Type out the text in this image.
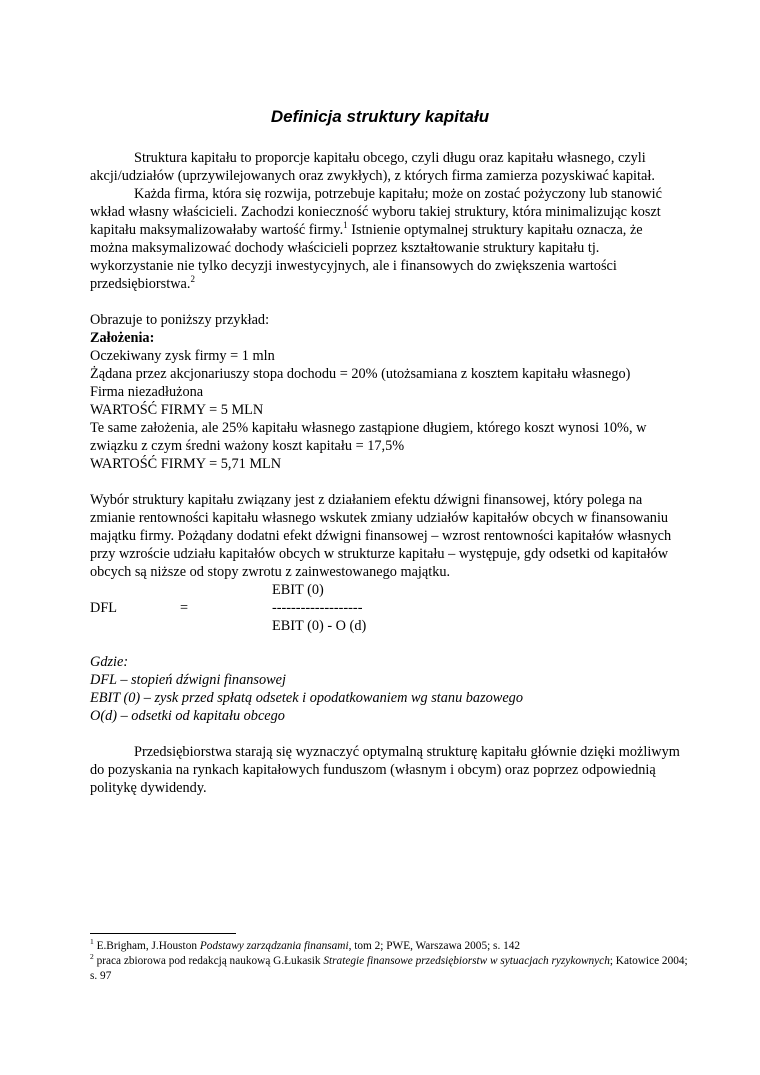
Definicja struktury kapitału

Struktura kapitału to proporcje kapitału obcego, czyli długu oraz kapitału własnego, czyli akcji/udziałów (uprzywilejowanych oraz zwykłych), z których firma zamierza pozyskiwać kapitał.

Każda firma, która się rozwija, potrzebuje kapitału; może on zostać pożyczony lub stanowić wkład własny właścicieli. Zachodzi konieczność wyboru takiej struktury, która minimalizując koszt kapitału maksymalizowałaby wartość firmy.$^1$ Istnienie optymalnej struktury kapitału oznacza, że można maksymalizować dochody właścicieli poprzez kształtowanie struktury kapitału tj. wykorzystanie nie tylko decyzji inwestycyjnych, ale i finansowych do zwiększenia wartości przedsiębiorstwa.$^2$

Obrazuje to poniższy przykład:

Założenia:

Oczekiwany zysk firmy = 1 mln

Żądana przez akcjonariuszy stopa dochodu = 20% (utożsamiana z kosztem kapitału własnego)

Firma niezadłużona

WARTOŚĆ FIRMY = 5 MLN

Te same założenia, ale 25% kapitału własnego zastąpione długiem, którego koszt wynosi 10%, w związku z czym średni ważony koszt kapitału = 17,5%

WARTOŚĆ FIRMY = 5,71 MLN

Wybór struktury kapitału związany jest z działaniem efektu dźwigni finansowej, który polega na zmianie rentowności kapitału własnego wskutek zmiany udziałów kapitałów obcych w finansowaniu majątku firmy. Pożądany dodatni efekt dźwigni finansowej – wzrost rentowności kapitałów własnych przy wzroście udziału kapitałów obcych w strukturze kapitału – występuje, gdy odsetki od kapitałów obcych są niższe od stopy zwrotu z zainwestowanego majątku.

DFL	=
EBIT (0)
-------------------
EBIT (0) - O (d)

Gdzie:

DFL – stopień dźwigni finansowej

EBIT (0) – zysk przed spłatą odsetek i opodatkowaniem wg stanu bazowego

O(d) – odsetki od kapitału obcego

Przedsiębiorstwa starają się wyznaczyć optymalną strukturę kapitału głównie dzięki możliwym do pozyskania na rynkach kapitałowych funduszom (własnym i obcym) oraz poprzez odpowiednią politykę dywidendy.

$^1$ E.Brigham, J.Houston Podstawy zarządzania finansami, tom 2; PWE, Warszawa 2005; s. 142

$^2$ praca zbiorowa pod redakcją naukową G.Łukasik Strategie finansowe przedsiębiorstw w sytuacjach ryzykownych; Katowice 2004; s. 97
